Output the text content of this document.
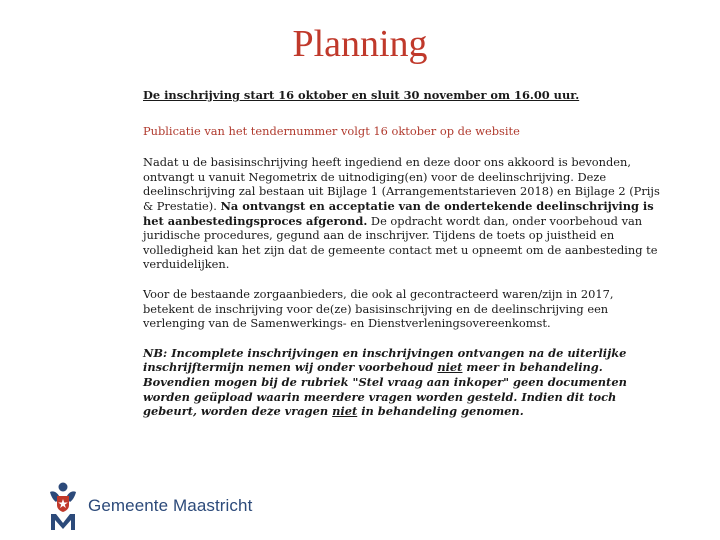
Planning

De inschrijving start 16 oktober en sluit 30 november om 16.00 uur.

Publicatie van het tendernummer volgt 16 oktober op de website

Nadat u de basisinschrijving heeft ingediend en deze door ons akkoord is bevonden, ontvangt u vanuit Negometrix de uitnodiging(en) voor de deelinschrijving. Deze deelinschrijving zal bestaan uit Bijlage 1 (Arrangementstarieven 2018) en Bijlage 2 (Prijs & Prestatie). Na ontvangst en acceptatie van de ondertekende deelinschrijving is het aanbestedingsproces afgerond. De opdracht wordt dan, onder voorbehoud van juridische procedures, gegund aan de inschrijver. Tijdens de toets op juistheid en volledigheid kan het zijn dat de gemeente contact met u opneemt om de aanbesteding te verduidelijken.

Voor de bestaande zorgaanbieders, die ook al gecontracteerd waren/zijn in 2017, betekent de inschrijving voor de(ze) basisinschrijving en de deelinschrijving een verlenging van de Samenwerkings- en Dienstverleningsovereenkomst.

NB: Incomplete inschrijvingen en inschrijvingen ontvangen na de uiterlijke inschrijftermijn nemen wij onder voorbehoud niet meer in behandeling. Bovendien mogen bij de rubriek "Stel vraag aan inkoper" geen documenten worden geüpload waarin meerdere vragen worden gesteld. Indien dit toch gebeurt, worden deze vragen niet in behandeling genomen.

Gemeente Maastricht
